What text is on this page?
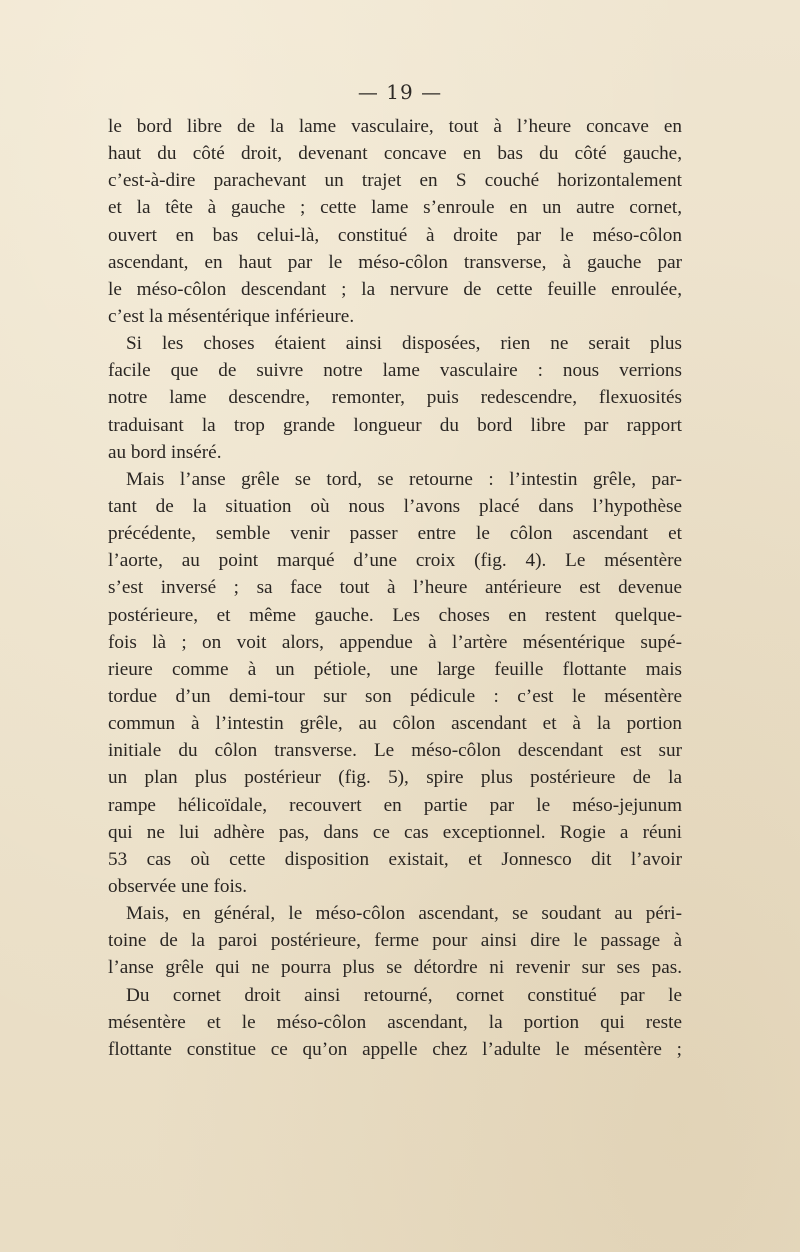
— 19 —
le bord libre de la lame vasculaire, tout à l’heure concave en
haut du côté droit, devenant concave en bas du côté gauche,
c’est-à-dire parachevant un trajet en S couché horizontalement
et la tête à gauche ; cette lame s’enroule en un autre cornet,
ouvert en bas celui-là, constitué à droite par le méso-côlon
ascendant, en haut par le méso-côlon transverse, à gauche par
le méso-côlon descendant ; la nervure de cette feuille enroulée,
c’est la mésentérique inférieure.
Si les choses étaient ainsi disposées, rien ne serait plus
facile que de suivre notre lame vasculaire : nous verrions
notre lame descendre, remonter, puis redescendre, flexuosités
traduisant la trop grande longueur du bord libre par rapport
au bord inséré.
Mais l’anse grêle se tord, se retourne : l’intestin grêle, par-
tant de la situation où nous l’avons placé dans l’hypothèse
précédente, semble venir passer entre le côlon ascendant et
l’aorte, au point marqué d’une croix (fig. 4). Le mésentère
s’est inversé ; sa face tout à l’heure antérieure est devenue
postérieure, et même gauche. Les choses en restent quelque-
fois là ; on voit alors, appendue à l’artère mésentérique supé-
rieure comme à un pétiole, une large feuille flottante mais
tordue d’un demi-tour sur son pédicule : c’est le mésentère
commun à l’intestin grêle, au côlon ascendant et à la portion
initiale du côlon transverse. Le méso-côlon descendant est sur
un plan plus postérieur (fig. 5), spire plus postérieure de la
rampe hélicoïdale, recouvert en partie par le méso-jejunum
qui ne lui adhère pas, dans ce cas exceptionnel. Rogie a réuni
53 cas où cette disposition existait, et Jonnesco dit l’avoir
observée une fois.
Mais, en général, le méso-côlon ascendant, se soudant au péri-
toine de la paroi postérieure, ferme pour ainsi dire le passage à
l’anse grêle qui ne pourra plus se détordre ni revenir sur ses pas.
Du cornet droit ainsi retourné, cornet constitué par le
mésentère et le méso-côlon ascendant, la portion qui reste
flottante constitue ce qu’on appelle chez l’adulte le mésentère ;
